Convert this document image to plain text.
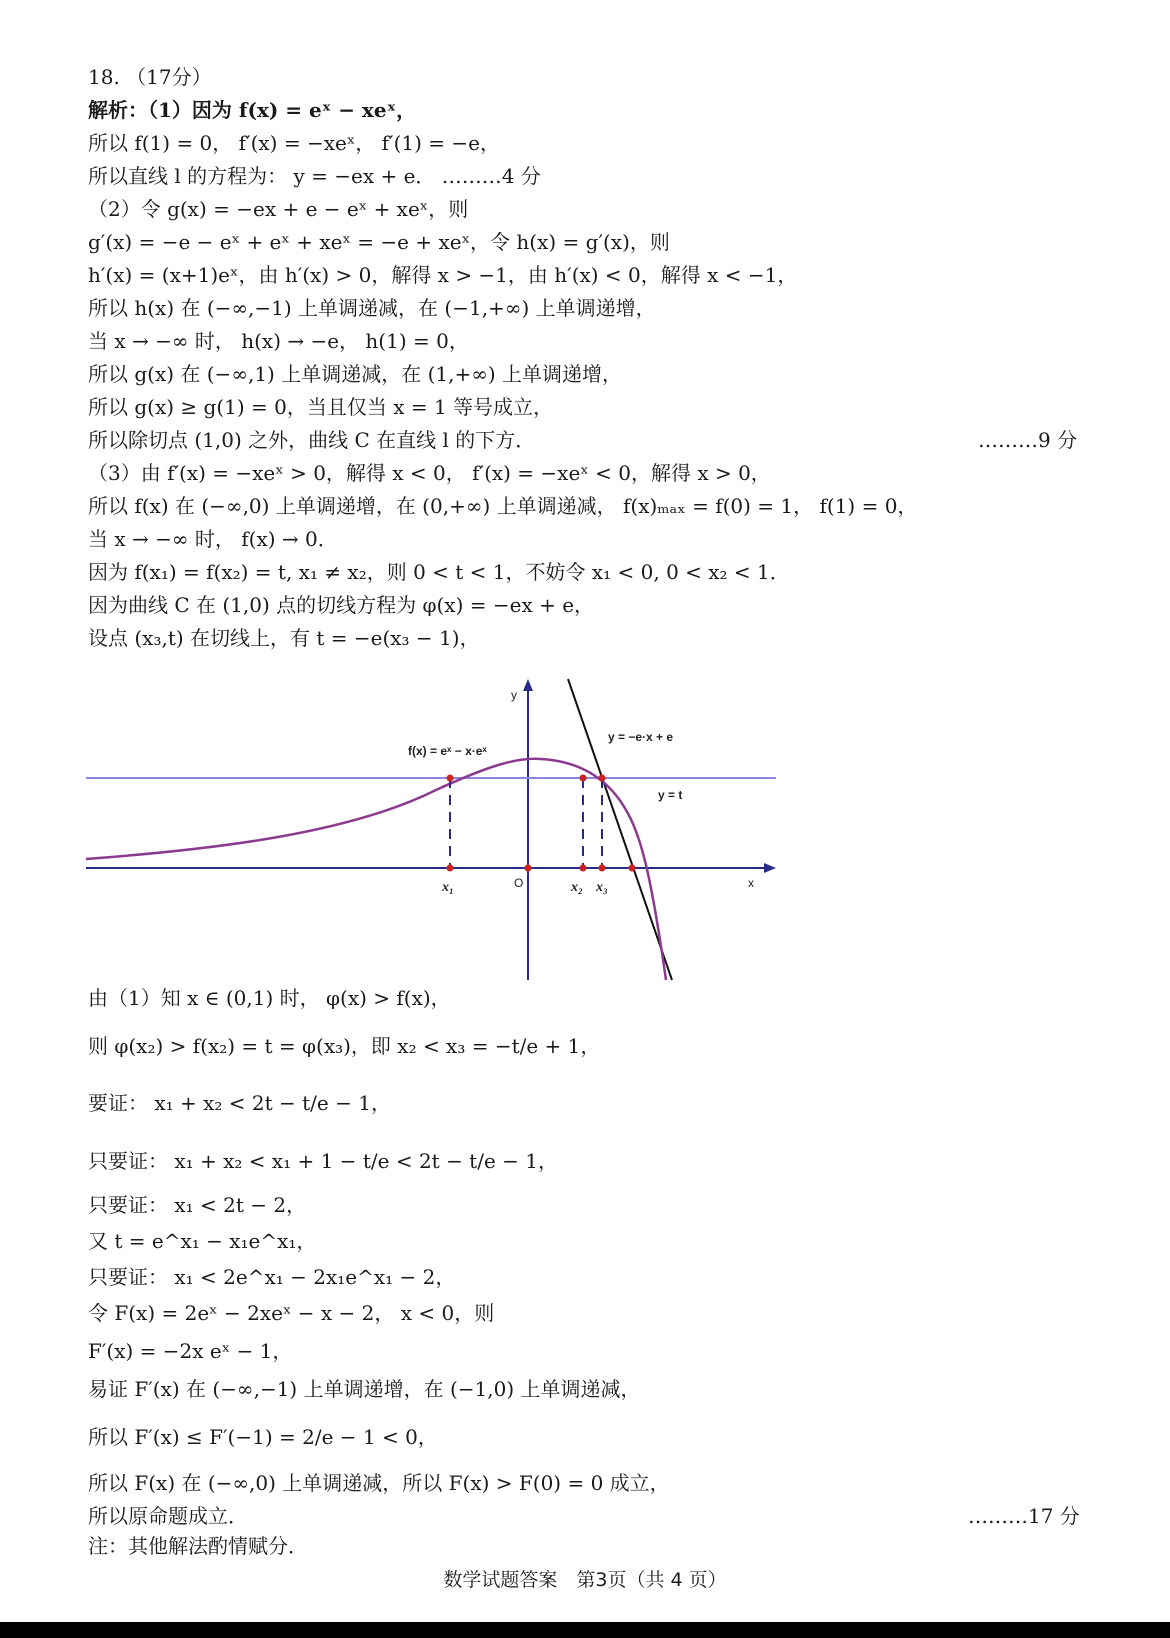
18. （17分）
解析：（1）因为 f(x) = eˣ − xeˣ，
所以 f(1) = 0， f′(x) = −xeˣ， f′(1) = −e，
所以直线 l 的方程为： y = −ex + e． ………4 分
（2）令 g(x) = −ex + e − eˣ + xeˣ，则
g′(x) = −e − eˣ + eˣ + xeˣ = −e + xeˣ，令 h(x) = g′(x)，则
h′(x) = (x+1)eˣ，由 h′(x) > 0，解得 x > −1，由 h′(x) < 0，解得 x < −1，
所以 h(x) 在 (−∞,−1) 上单调递减，在 (−1,+∞) 上单调递增，
当 x → −∞ 时， h(x) → −e， h(1) = 0，
所以 g(x) 在 (−∞,1) 上单调递减，在 (1,+∞) 上单调递增，
所以 g(x) ≥ g(1) = 0，当且仅当 x = 1 等号成立，
所以除切点 (1,0) 之外，曲线 C 在直线 l 的下方．	………9 分
（3）由 f′(x) = −xeˣ > 0，解得 x < 0， f′(x) = −xeˣ < 0，解得 x > 0，
所以 f(x) 在 (−∞,0) 上单调递增，在 (0,+∞) 上单调递减， f(x)ₘₐₓ = f(0) = 1， f(1) = 0，
当 x → −∞ 时， f(x) → 0．
因为 f(x₁) = f(x₂) = t, x₁ ≠ x₂，则 0 < t < 1，不妨令 x₁ < 0, 0 < x₂ < 1．
因为曲线 C 在 (1,0) 点的切线方程为 φ(x) = −ex + e，
设点 (x₃,t) 在切线上，有 t = −e(x₃ − 1)，
y
x
O
f(x) = eˣ − x·eˣ
y = −e·x + e
y = t
x₁	x₂ x₃
由（1）知 x ∈ (0,1) 时， φ(x) > f(x)，
则 φ(x₂) > f(x₂) = t = φ(x₃)，即 x₂ < x₃ = −t/e + 1，
要证： x₁ + x₂ < 2t − t/e − 1，
只要证： x₁ + x₂ < x₁ + 1 − t/e < 2t − t/e − 1，
只要证： x₁ < 2t − 2，
又 t = e^x₁ − x₁e^x₁，
只要证： x₁ < 2e^x₁ − 2x₁e^x₁ − 2，
令 F(x) = 2eˣ − 2xeˣ − x − 2， x < 0，则
F′(x) = −2x eˣ − 1，
易证 F′(x) 在 (−∞,−1) 上单调递增，在 (−1,0) 上单调递减，
所以 F′(x) ≤ F′(−1) = 2/e − 1 < 0，
所以 F(x) 在 (−∞,0) 上单调递减，所以 F(x) > F(0) = 0 成立，
所以原命题成立．	………17 分
注：其他解法酌情赋分．
数学试题答案　第3页（共 4 页）
